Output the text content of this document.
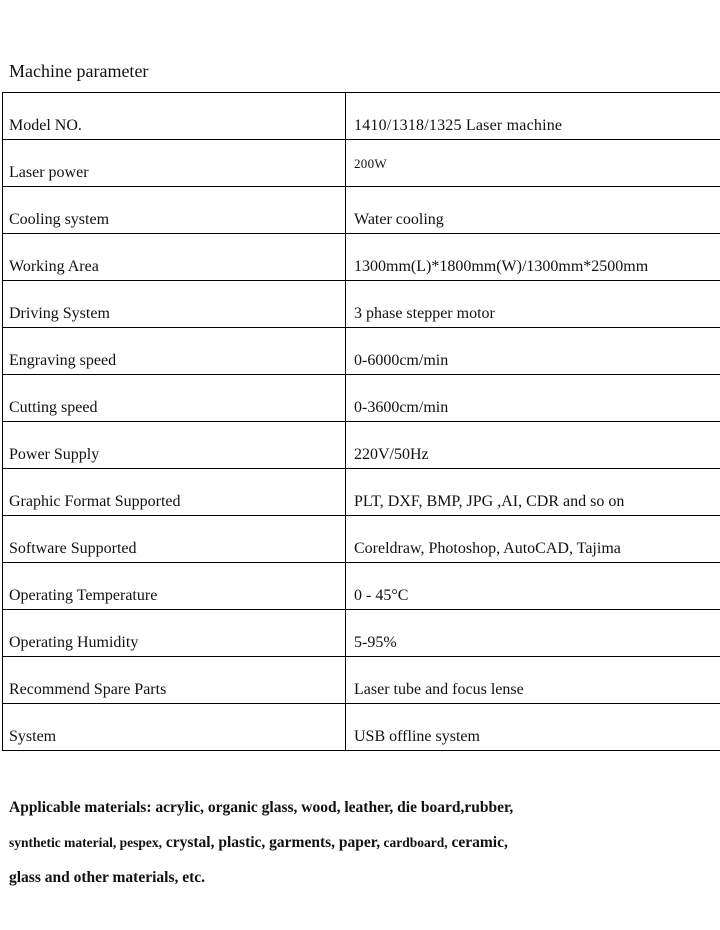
Machine parameter
Model NO.	1410/1318/1325 Laser machine

Laser power	200W

Cooling system	Water cooling

Working Area	1300mm(L)*1800mm(W)/1300mm*2500mm

Driving System	3 phase stepper motor

Engraving speed	0-6000cm/min

Cutting speed	0-3600cm/min

Power Supply	220V/50Hz

Graphic Format Supported	PLT, DXF, BMP, JPG ,AI, CDR and so on

Software Supported	Coreldraw, Photoshop, AutoCAD, Tajima

Operating Temperature	0 - 45°C

Operating Humidity	5-95%

Recommend Spare Parts	Laser tube and focus lense

System	USB offline system
Applicable materials: acrylic, organic glass, wood, leather, die board,rubber,
synthetic material, pespex, crystal, plastic, garments, paper, cardboard, ceramic,
glass and other materials, etc.
